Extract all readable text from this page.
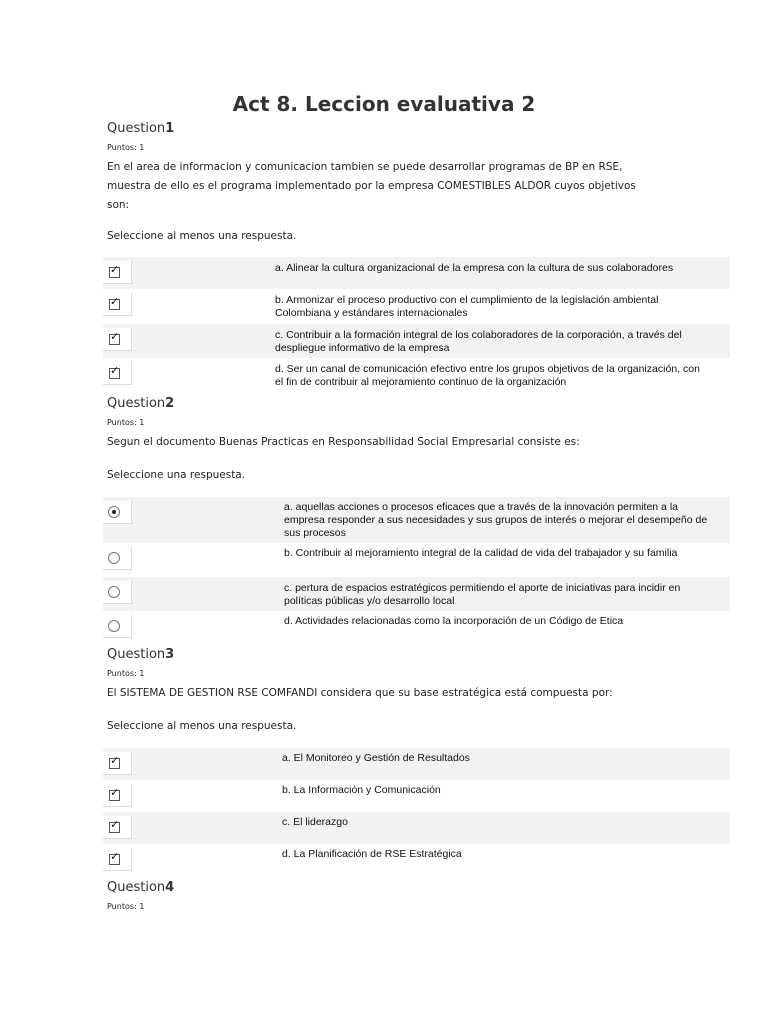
Act 8. Leccion evaluativa 2
Question1
Puntos: 1
En el area de informacion y comunicacion tambien se puede desarrollar programas de BP en RSE,
muestra de ello es el programa implementado por la empresa COMESTIBLES ALDOR cuyos objetivos
son:
Seleccione al menos una respuesta.
✓	a. Alinear la cultura organizacional de la empresa con la cultura de sus colaboradores
✓	b. Armonizar el proceso productivo con el cumplimiento de la legislación ambiental Colombiana y estándares internacionales
✓	c. Contribuir a la formación integral de los colaboradores de la corporación, a través del despliegue informativo de la empresa
✓	d. Ser un canal de comunicación efectivo entre los grupos objetivos de la organización, con el fin de contribuir al mejoramiento continuo de la organización
Question2
Puntos: 1
Segun el documento Buenas Practicas en Responsabilidad Social Empresarial consiste es:
Seleccione una respuesta.
a. aquellas acciones o procesos eficaces que a través de la innovación permiten a la empresa responder a sus necesidades y sus grupos de interés o mejorar el desempeño de sus procesos
b. Contribuir al mejoramiento integral de la calidad de vida del trabajador y su familia
c. pertura de espacios estratégicos permitiendo el aporte de iniciativas para incidir en políticas públicas y/o desarrollo local
d. Actividades relacionadas como la incorporación de un Código de Etica
Question3
Puntos: 1
El SISTEMA DE GESTION RSE COMFANDI considera que su base estratégica está compuesta por:
Seleccione al menos una respuesta.
✓	a. El Monitoreo y Gestión de Resultados
✓	b. La Información y Comunicación
✓	c. El liderazgo
✓	d. La Planificación de RSE Estratégica
Question4
Puntos: 1
